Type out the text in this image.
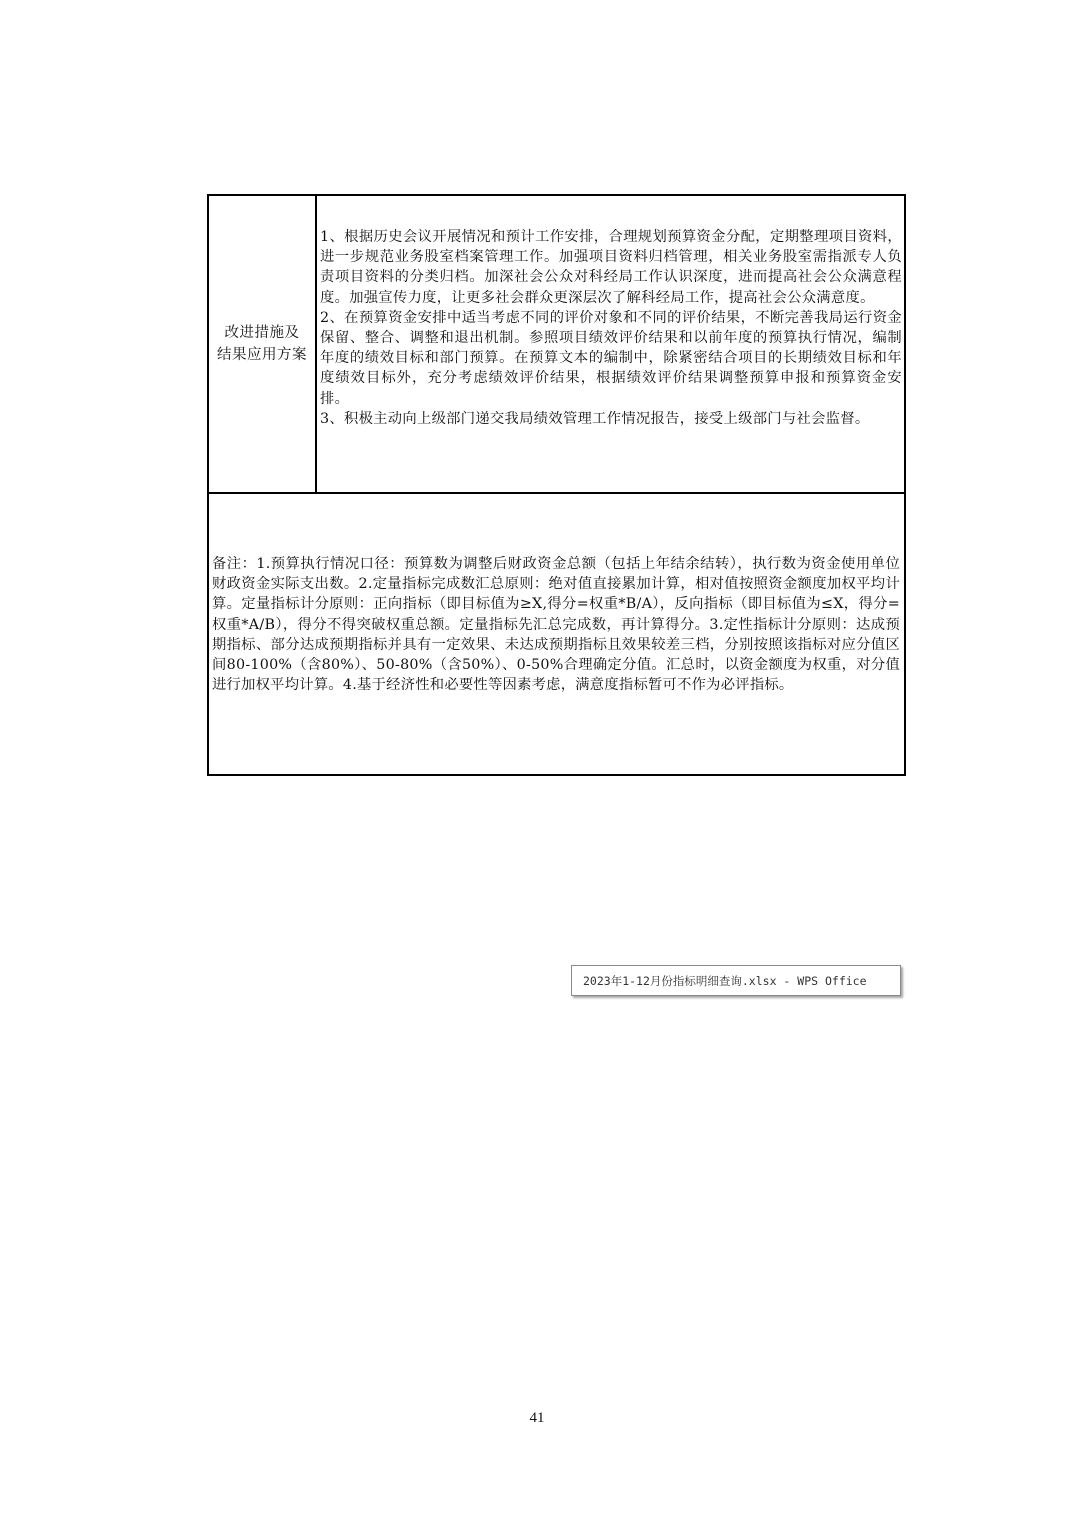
改进措施及
结果应用方案

1、根据历史会议开展情况和预计工作安排，合理规划预算资金分配，定期整理项目资料，进一步规范业务股室档案管理工作。加强项目资料归档管理，相关业务股室需指派专人负责项目资料的分类归档。加深社会公众对科经局工作认识深度，进而提高社会公众满意程度。加强宣传力度，让更多社会群众更深层次了解科经局工作，提高社会公众满意度。

2、在预算资金安排中适当考虑不同的评价对象和不同的评价结果，不断完善我局运行资金保留、整合、调整和退出机制。参照项目绩效评价结果和以前年度的预算执行情况，编制年度的绩效目标和部门预算。在预算文本的编制中，除紧密结合项目的长期绩效目标和年度绩效目标外，充分考虑绩效评价结果，根据绩效评价结果调整预算申报和预算资金安排。

3、积极主动向上级部门递交我局绩效管理工作情况报告，接受上级部门与社会监督。

备注：1.预算执行情况口径：预算数为调整后财政资金总额（包括上年结余结转），执行数为资金使用单位财政资金实际支出数。2.定量指标完成数汇总原则：绝对值直接累加计算，相对值按照资金额度加权平均计算。定量指标计分原则：正向指标（即目标值为≥X,得分=权重*B/A），反向指标（即目标值为≤X，得分=权重*A/B），得分不得突破权重总额。定量指标先汇总完成数，再计算得分。3.定性指标计分原则：达成预期指标、部分达成预期指标并具有一定效果、未达成预期指标且效果较差三档，分别按照该指标对应分值区间80-100%（含80%）、50-80%（含50%）、0-50%合理确定分值。汇总时，以资金额度为权重，对分值进行加权平均计算。4.基于经济性和必要性等因素考虑，满意度指标暂可不作为必评指标。

2023年1-12月份指标明细查询.xlsx - WPS Office
41
